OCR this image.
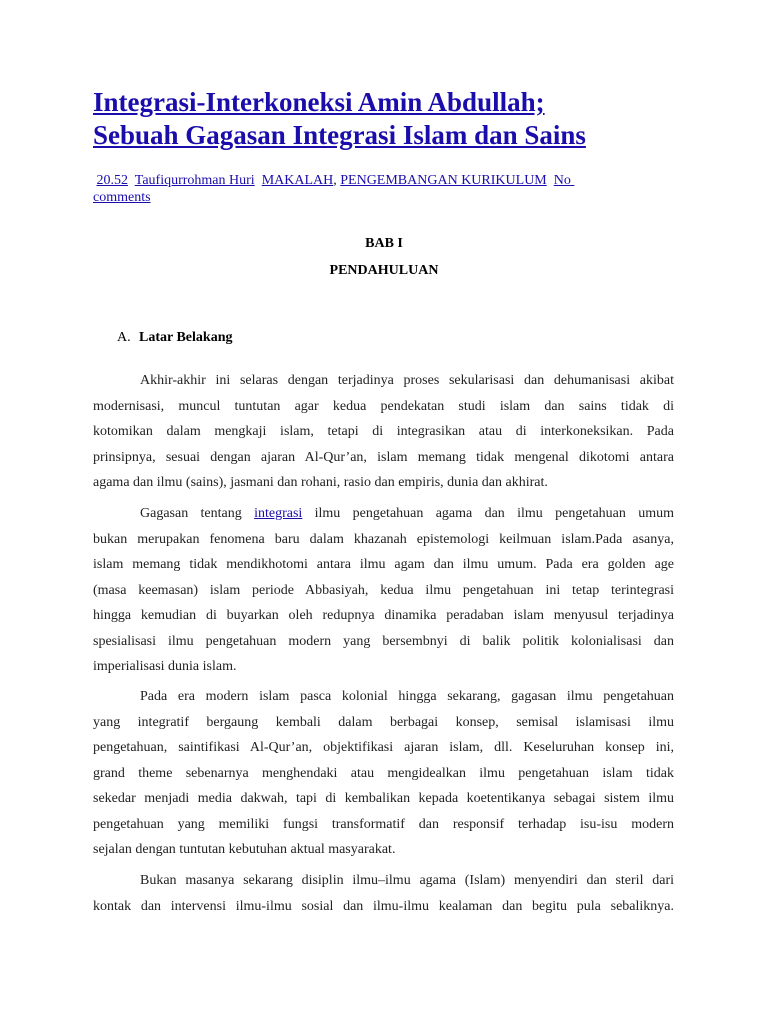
Integrasi-Interkoneksi Amin Abdullah;
Sebuah Gagasan Integrasi Islam dan Sains
20.52 Taufiqurrohman Huri MAKALAH, PENGEMBANGAN KURIKULUM No
comments
BAB I
PENDAHULUAN
A. Latar Belakang
Akhir-akhir ini selaras dengan terjadinya proses sekularisasi dan dehumanisasi akibat
modernisasi, muncul tuntutan agar kedua pendekatan studi islam dan sains tidak di
kotomikan dalam mengkaji islam, tetapi di integrasikan atau di interkoneksikan. Pada
prinsipnya, sesuai dengan ajaran Al-Qur’an, islam memang tidak mengenal dikotomi antara
agama dan ilmu (sains), jasmani dan rohani, rasio dan empiris, dunia dan akhirat.
Gagasan tentang integrasi ilmu pengetahuan agama dan ilmu pengetahuan umum
bukan merupakan fenomena baru dalam khazanah epistemologi keilmuan islam.Pada asanya,
islam memang tidak mendikhotomi antara ilmu agam dan ilmu umum. Pada era golden age
(masa keemasan) islam periode Abbasiyah, kedua ilmu pengetahuan ini tetap terintegrasi
hingga kemudian di buyarkan oleh redupnya dinamika peradaban islam menyusul terjadinya
spesialisasi ilmu pengetahuan modern yang bersembnyi di balik politik kolonialisasi dan
imperialisasi dunia islam.
Pada era modern islam pasca kolonial hingga sekarang, gagasan ilmu pengetahuan
yang integratif bergaung kembali dalam berbagai konsep, semisal islamisasi ilmu
pengetahuan, saintifikasi Al-Qur’an, objektifikasi ajaran islam, dll. Keseluruhan konsep ini,
grand theme sebenarnya menghendaki atau mengidealkan ilmu pengetahuan islam tidak
sekedar menjadi media dakwah, tapi di kembalikan kepada koetentikanya sebagai sistem ilmu
pengetahuan yang memiliki fungsi transformatif dan responsif terhadap isu-isu modern
sejalan dengan tuntutan kebutuhan aktual masyarakat.
Bukan masanya sekarang disiplin ilmu–ilmu agama (Islam) menyendiri dan steril dari
kontak dan intervensi ilmu-ilmu sosial dan ilmu-ilmu kealaman dan begitu pula sebaliknya.
